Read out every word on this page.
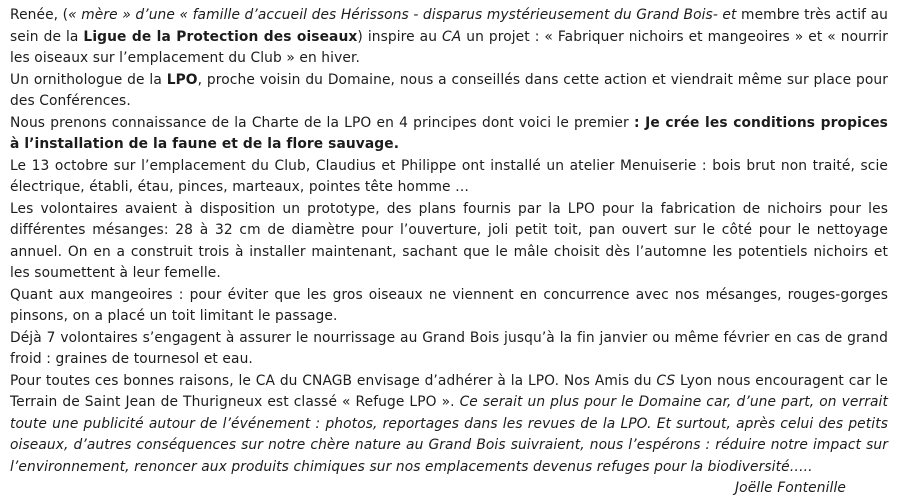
Renée, (« mère » d’une « famille d’accueil des Hérissons - disparus mystérieusement du Grand Bois- et membre très actif au sein de la Ligue de la Protection des oiseaux) inspire au CA un projet : « Fabriquer nichoirs et mangeoires » et « nourrir les oiseaux sur l’emplacement du Club » en hiver.

Un ornithologue de la LPO, proche voisin du Domaine, nous a conseillés dans cette action et viendrait même sur place pour des Conférences.

Nous prenons connaissance de la Charte de la LPO en 4 principes dont voici le premier : Je crée les conditions propices à l’installation de la faune et de la flore sauvage.

Le 13 octobre sur l’emplacement du Club, Claudius et Philippe ont installé un atelier Menuiserie : bois brut non traité, scie électrique, établi, étau, pinces, marteaux, pointes tête homme …

Les volontaires avaient à disposition un prototype, des plans fournis par la LPO pour la fabrication de nichoirs pour les différentes mésanges: 28 à 32 cm de diamètre pour l’ouverture, joli petit toit, pan ouvert sur le côté pour le nettoyage annuel. On en a construit trois à installer maintenant, sachant que le mâle choisit dès l’automne les potentiels nichoirs et les soumettent à leur femelle.

Quant aux mangeoires : pour éviter que les gros oiseaux ne viennent en concurrence avec nos mésanges, rouges-gorges pinsons, on a placé un toit limitant le passage.

Déjà 7 volontaires s’engagent à assurer le nourrissage au Grand Bois jusqu’à la fin janvier ou même février en cas de grand froid : graines de tournesol et eau.

Pour toutes ces bonnes raisons, le CA du CNAGB envisage d’adhérer à la LPO. Nos Amis du CS Lyon nous encouragent car le Terrain de Saint Jean de Thurigneux est classé « Refuge LPO ». Ce serait un plus pour le Domaine car, d’une part, on verrait toute une publicité autour de l’événement : photos, reportages dans les revues de la LPO. Et surtout, après celui des petits oiseaux, d’autres conséquences sur notre chère nature au Grand Bois suivraient, nous l’espérons : réduire notre impact sur l’environnement, renoncer aux produits chimiques sur nos emplacements devenus refuges pour la biodiversité…..

Joëlle Fontenille
